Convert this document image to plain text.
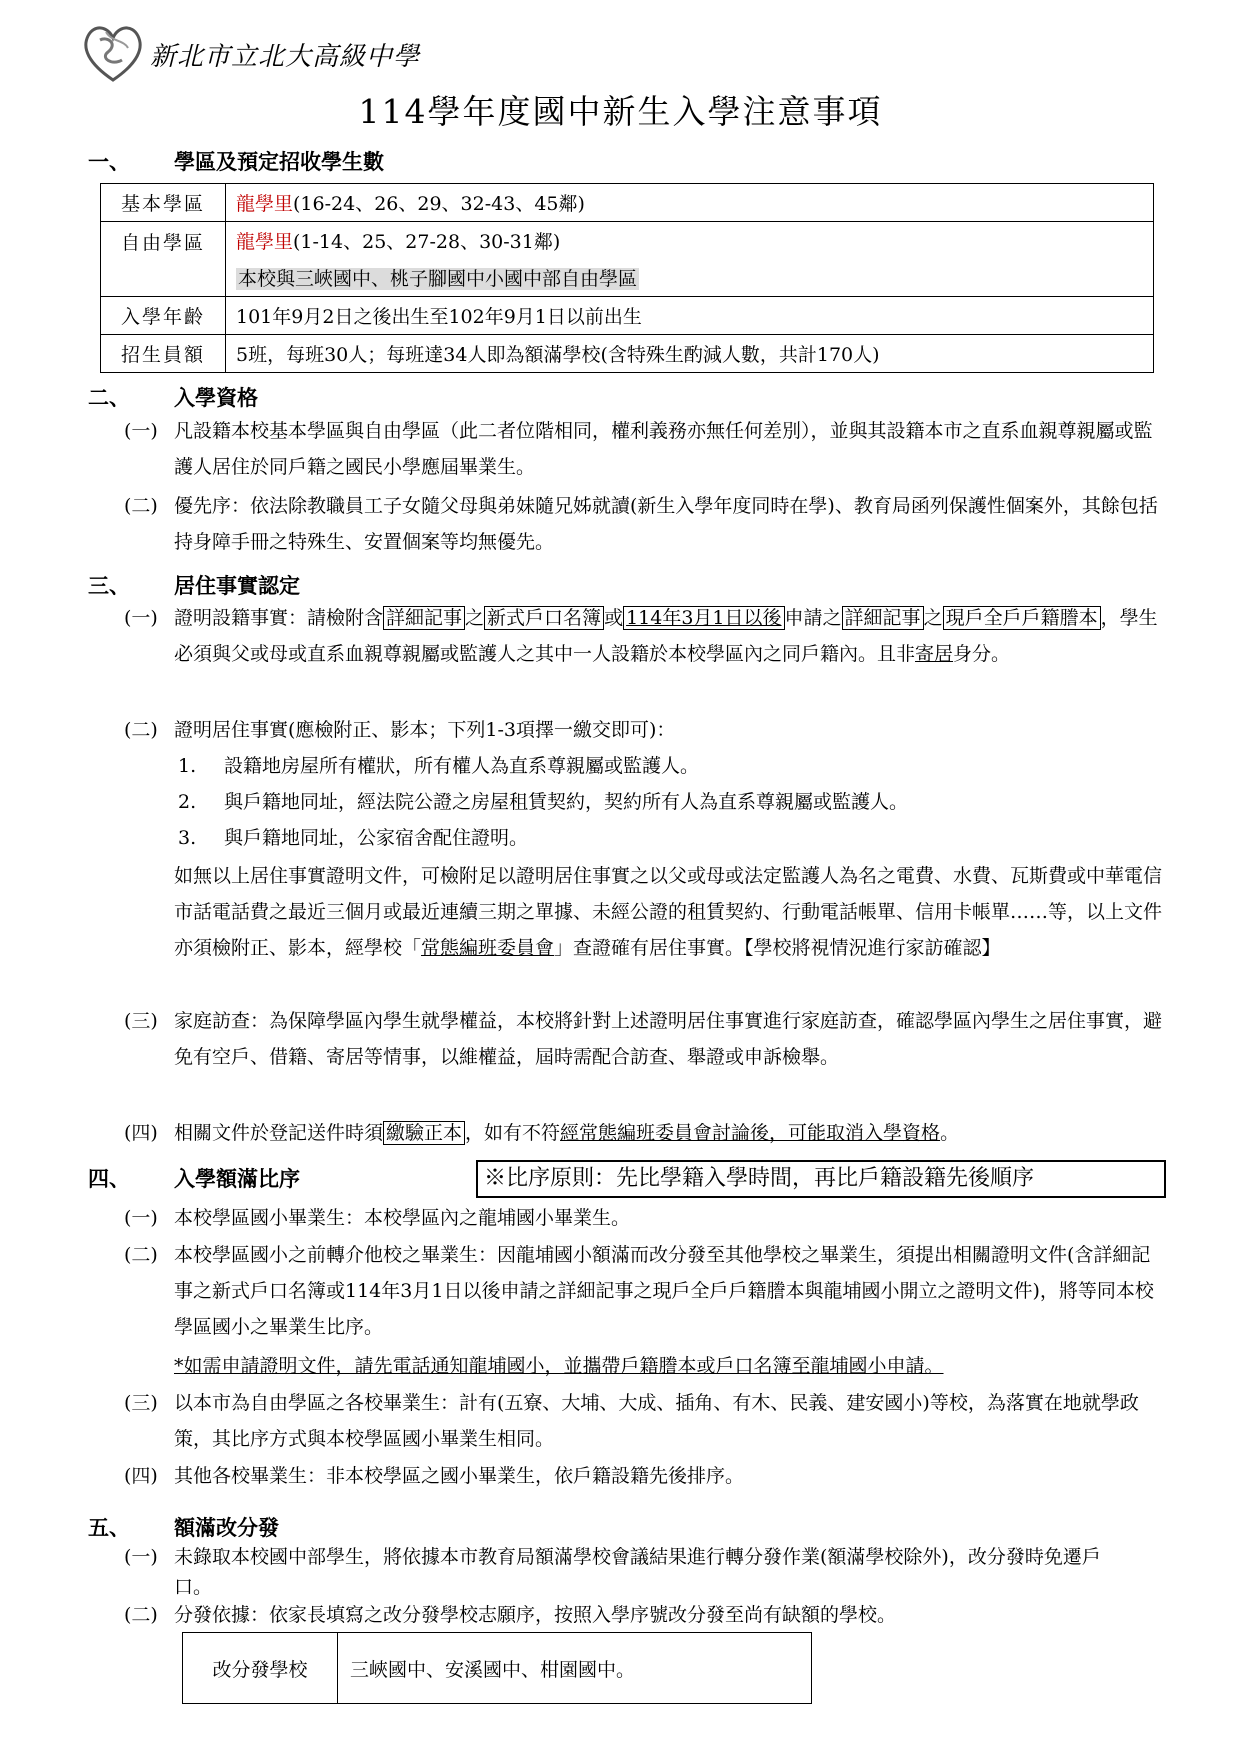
新北市立北大高級中學
114學年度國中新生入學注意事項
一、 學區及預定招收學生數
基本學區	龍學里(16-24、26、29、32-43、45鄰)
自由學區	龍學里(1-14、25、27-28、30-31鄰)
	本校與三峽國中、桃子腳國中小國中部自由學區
入學年齡	101年9月2日之後出生至102年9月1日以前出生
招生員額	5班，每班30人；每班達34人即為額滿學校(含特殊生酌減人數，共計170人)
二、 入學資格
(一) 凡設籍本校基本學區與自由學區（此二者位階相同，權利義務亦無任何差別），並與其設籍本市之直系血親尊親屬或監護人居住於同戶籍之國民小學應屆畢業生。
(二) 優先序：依法除教職員工子女隨父母與弟妹隨兄姊就讀(新生入學年度同時在學)、教育局函列保護性個案外，其餘包括持身障手冊之特殊生、安置個案等均無優先。
三、 居住事實認定
(一) 證明設籍事實：請檢附含 詳細記事 之 新式戶口名簿 或 114年3月1日以後 申請之 詳細記事 之 現戶全戶戶籍謄本 ，學生必須與父或母或直系血親尊親屬或監護人之其中一人設籍於本校學區內之同戶籍內。且非寄居身分。
(二) 證明居住事實(應檢附正、影本；下列1-3項擇一繳交即可)：
1. 設籍地房屋所有權狀，所有權人為直系尊親屬或監護人。
2. 與戶籍地同址，經法院公證之房屋租賃契約，契約所有人為直系尊親屬或監護人。
3. 與戶籍地同址，公家宿舍配住證明。
如無以上居住事實證明文件，可檢附足以證明居住事實之以父或母或法定監護人為名之電費、水費、瓦斯費或中華電信市話電話費之最近三個月或最近連續三期之單據、未經公證的租賃契約、行動電話帳單、信用卡帳單……等，以上文件亦須檢附正、影本，經學校「常態編班委員會」查證確有居住事實。【學校將視情況進行家訪確認】
(三) 家庭訪查：為保障學區內學生就學權益，本校將針對上述證明居住事實進行家庭訪查，確認學區內學生之居住事實，避免有空戶、借籍、寄居等情事，以維權益，屆時需配合訪查、舉證或申訴檢舉。
(四) 相關文件於登記送件時須 繳驗正本 ，如有不符經常態編班委員會討論後，可能取消入學資格。
四、 入學額滿比序	※比序原則：先比學籍入學時間，再比戶籍設籍先後順序
(一) 本校學區國小畢業生：本校學區內之龍埔國小畢業生。
(二) 本校學區國小之前轉介他校之畢業生：因龍埔國小額滿而改分發至其他學校之畢業生，須提出相關證明文件(含詳細記事之新式戶口名簿或114年3月1日以後申請之詳細記事之現戶全戶戶籍謄本與龍埔國小開立之證明文件)，將等同本校學區國小之畢業生比序。
*如需申請證明文件，請先電話通知龍埔國小，並攜帶戶籍謄本或戶口名簿至龍埔國小申請。
(三) 以本市為自由學區之各校畢業生：計有(五寮、大埔、大成、插角、有木、民義、建安國小)等校，為落實在地就學政策，其比序方式與本校學區國小畢業生相同。
(四) 其他各校畢業生：非本校學區之國小畢業生，依戶籍設籍先後排序。
五、 額滿改分發
(一) 未錄取本校國中部學生，將依據本市教育局額滿學校會議結果進行轉分發作業(額滿學校除外)，改分發時免遷戶口。
(二) 分發依據：依家長填寫之改分發學校志願序，按照入學序號改分發至尚有缺額的學校。
改分發學校	三峽國中、安溪國中、柑園國中。
